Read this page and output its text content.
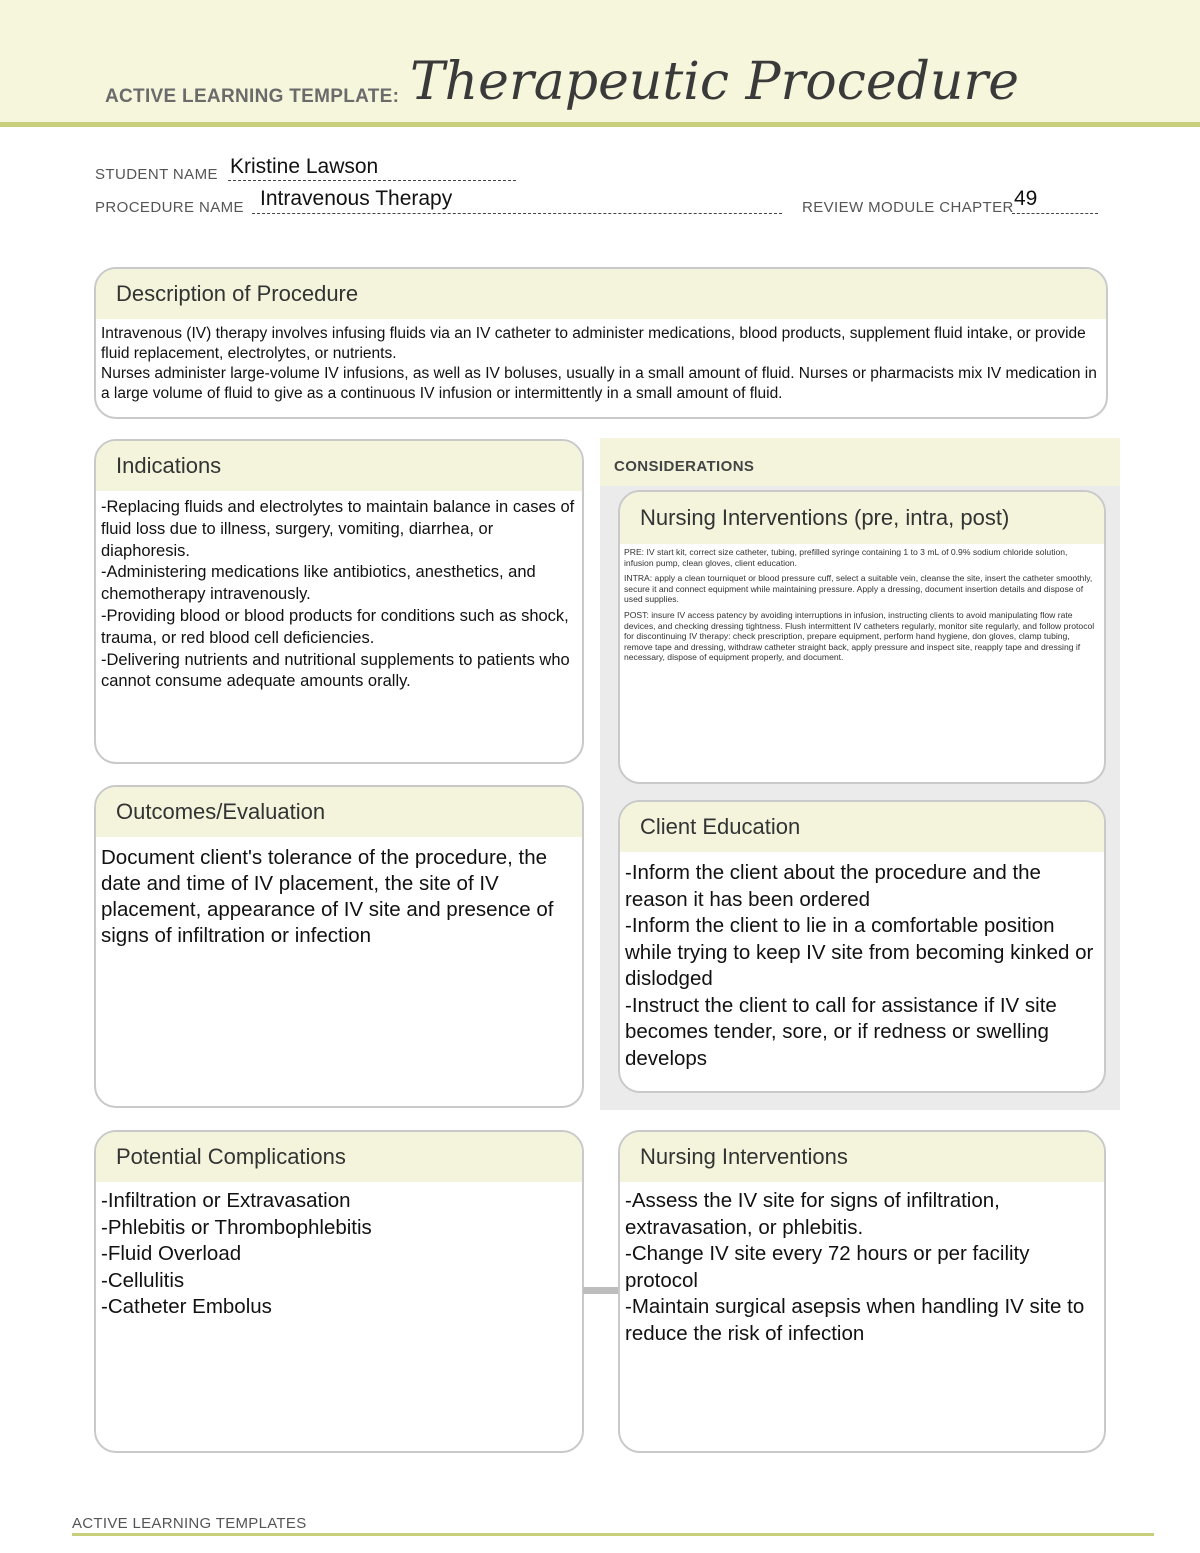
ACTIVE LEARNING TEMPLATE: Therapeutic Procedure
STUDENT NAME Kristine Lawson
PROCEDURE NAME Intravenous Therapy	REVIEW MODULE CHAPTER 49
Description of Procedure
Intravenous (IV) therapy involves infusing fluids via an IV catheter to administer medications, blood products, supplement fluid intake, or provide fluid replacement, electrolytes, or nutrients.
Nurses administer large-volume IV infusions, as well as IV boluses, usually in a small amount of fluid. Nurses or pharmacists mix IV medication in a large volume of fluid to give as a continuous IV infusion or intermittently in a small amount of fluid.
CONSIDERATIONS
Indications
-Replacing fluids and electrolytes to maintain balance in cases of fluid loss due to illness, surgery, vomiting, diarrhea, or diaphoresis.
-Administering medications like antibiotics, anesthetics, and chemotherapy intravenously.
-Providing blood or blood products for conditions such as shock, trauma, or red blood cell deficiencies.
-Delivering nutrients and nutritional supplements to patients who cannot consume adequate amounts orally.
Nursing Interventions (pre, intra, post)
PRE: IV start kit, correct size catheter, tubing, prefilled syringe containing 1 to 3 mL of 0.9% sodium chloride solution, infusion pump, clean gloves, client education.
INTRA: apply a clean tourniquet or blood pressure cuff, select a suitable vein, cleanse the site, insert the catheter smoothly, secure it and connect equipment while maintaining pressure. Apply a dressing, document insertion details and dispose of used supplies.
POST: insure IV access patency by avoiding interruptions in infusion, instructing clients to avoid manipulating flow rate devices, and checking dressing tightness. Flush intermittent IV catheters regularly, monitor site regularly, and follow protocol for discontinuing IV therapy: check prescription, prepare equipment, perform hand hygiene, don gloves, clamp tubing, remove tape and dressing, withdraw catheter straight back, apply pressure and inspect site, reapply tape and dressing if necessary, dispose of equipment properly, and document.
Outcomes/Evaluation
Document client's tolerance of the procedure, the date and time of IV placement, the site of IV placement, appearance of IV site and presence of signs of infiltration or infection
Client Education
-Inform the client about the procedure and the reason it has been ordered
-Inform the client to lie in a comfortable position while trying to keep IV site from becoming kinked or dislodged
-Instruct the client to call for assistance if IV site becomes tender, sore, or if redness or swelling develops
Potential Complications
-Infiltration or Extravasation
-Phlebitis or Thrombophlebitis
-Fluid Overload
-Cellulitis
-Catheter Embolus
Nursing Interventions
-Assess the IV site for signs of infiltration, extravasation, or phlebitis.
-Change IV site every 72 hours or per facility protocol
-Maintain surgical asepsis when handling IV site to reduce the risk of infection
ACTIVE LEARNING TEMPLATES
